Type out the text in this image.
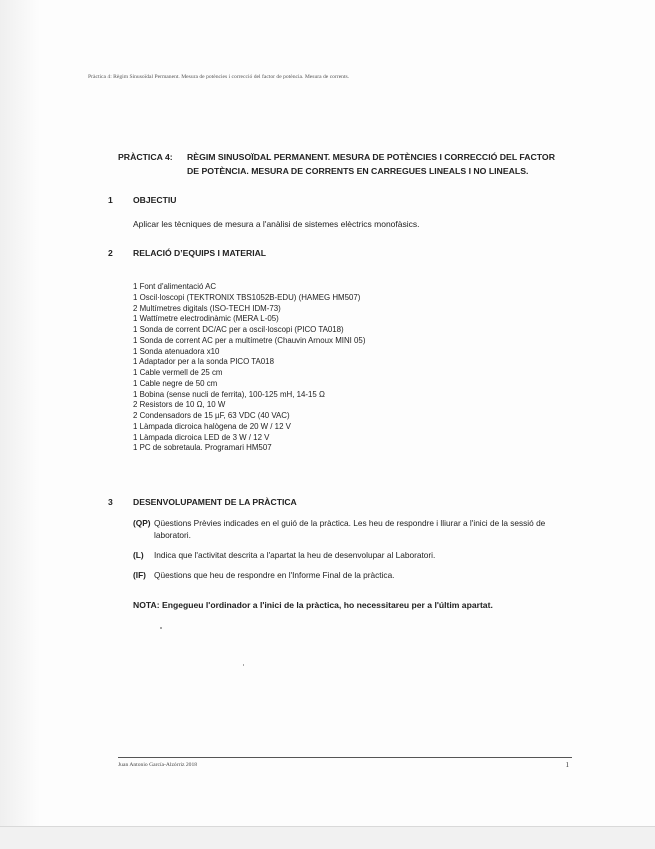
Pràctica 4: Règim Sinusoïdal Permanent. Mesura de potències i correcció del factor de potència. Mesura de corrents.
PRÀCTICA 4:	RÈGIM SINUSOÏDAL PERMANENT. MESURA DE POTÈNCIES I CORRECCIÓ DEL FACTOR
DE POTÈNCIA. MESURA DE CORRENTS EN CARREGUES LINEALS I NO LINEALS.
1	OBJECTIU
Aplicar les tècniques de mesura a l'anàlisi de sistemes elèctrics monofàsics.
2	RELACIÓ D’EQUIPS I MATERIAL
1 Font d'alimentació AC
1 Oscil·loscopi (TEKTRONIX TBS1052B-EDU) (HAMEG HM507)
2 Multímetres digitals (ISO-TECH IDM-73)
1 Wattímetre electrodinàmic (MERA L-05)
1 Sonda de corrent DC/AC per a oscil·loscopi (PICO TA018)
1 Sonda de corrent AC per a multímetre (Chauvin Arnoux MINI 05)
1 Sonda atenuadora x10
1 Adaptador per a la sonda PICO TA018
1 Cable vermell de 25 cm
1 Cable negre de 50 cm
1 Bobina (sense nucli de ferrita), 100-125 mH, 14-15 Ω
2 Resistors de 10 Ω, 10 W
2 Condensadors de 15 µF, 63 VDC (40 VAC)
1 Làmpada dicroica halògena de 20 W / 12 V
1 Làmpada dicroica LED de 3 W / 12 V
1 PC de sobretaula. Programari HM507
3	DESENVOLUPAMENT DE LA PRÀCTICA
(QP) Qüestions Prèvies indicades en el guió de la pràctica. Les heu de respondre i lliurar a l'inici de la sessió de laboratori.
(L)	Indica que l'activitat descrita a l'apartat la heu de desenvolupar al Laboratori.
(IF) Qüestions que heu de respondre en l'Informe Final de la pràctica.
NOTA: Engegueu l'ordinador a l'inici de la pràctica, ho necessitareu per a l'últim apartat.
Juan Antonio García-Alzórriz 2018	1
